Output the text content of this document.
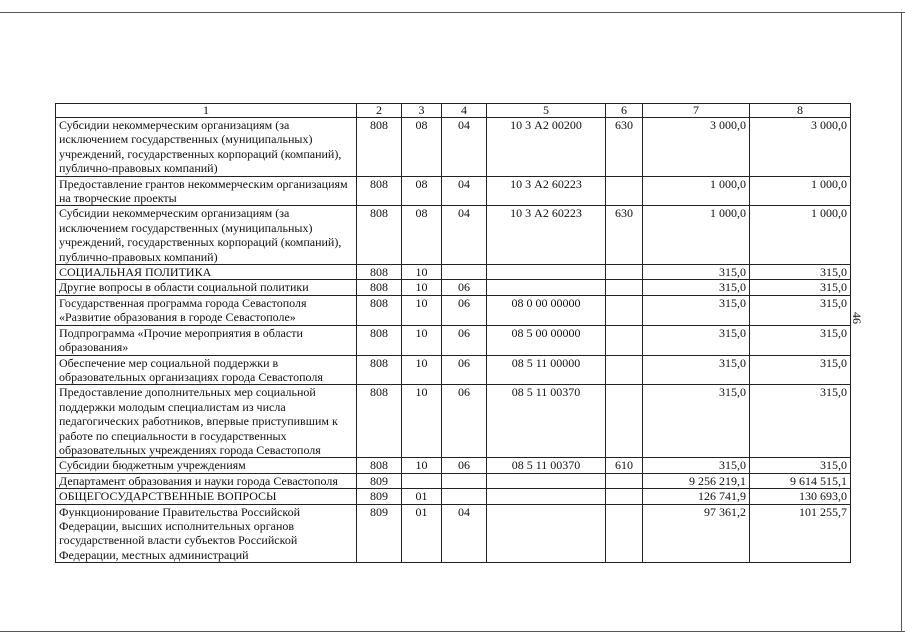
46
1	2	3	4	5	6	7	8
Субсидии некоммерческим организациям (за исключением государственных (муниципальных) учреждений, государственных корпораций (компаний), публично-правовых компаний)	808	08	04	10 3 А2 00200	630	3 000,0	3 000,0
Предоставление грантов некоммерческим организациям на творческие проекты	808	08	04	10 3 А2 60223		1 000,0	1 000,0
Субсидии некоммерческим организациям (за исключением государственных (муниципальных) учреждений, государственных корпораций (компаний), публично-правовых компаний)	808	08	04	10 3 А2 60223	630	1 000,0	1 000,0
СОЦИАЛЬНАЯ ПОЛИТИКА	808	10				315,0	315,0
Другие вопросы в области социальной политики	808	10	06			315,0	315,0
Государственная программа города Севастополя «Развитие образования в городе Севастополе»	808	10	06	08 0 00 00000		315,0	315,0
Подпрограмма «Прочие мероприятия в области образования»	808	10	06	08 5 00 00000		315,0	315,0
Обеспечение мер социальной поддержки в образовательных организациях города Севастополя	808	10	06	08 5 11 00000		315,0	315,0
Предоставление дополнительных мер социальной поддержки молодым специалистам из числа педагогических работников, впервые приступившим к работе по специальности в государственных образовательных учреждениях города Севастополя	808	10	06	08 5 11 00370		315,0	315,0
Субсидии бюджетным учреждениям	808	10	06	08 5 11 00370	610	315,0	315,0
Департамент образования и науки города Севастополя	809					9 256 219,1	9 614 515,1
ОБЩЕГОСУДАРСТВЕННЫЕ ВОПРОСЫ	809	01				126 741,9	130 693,0
Функционирование Правительства Российской Федерации, высших исполнительных органов государственной власти субъектов Российской Федерации, местных администраций	809	01	04			97 361,2	101 255,7
